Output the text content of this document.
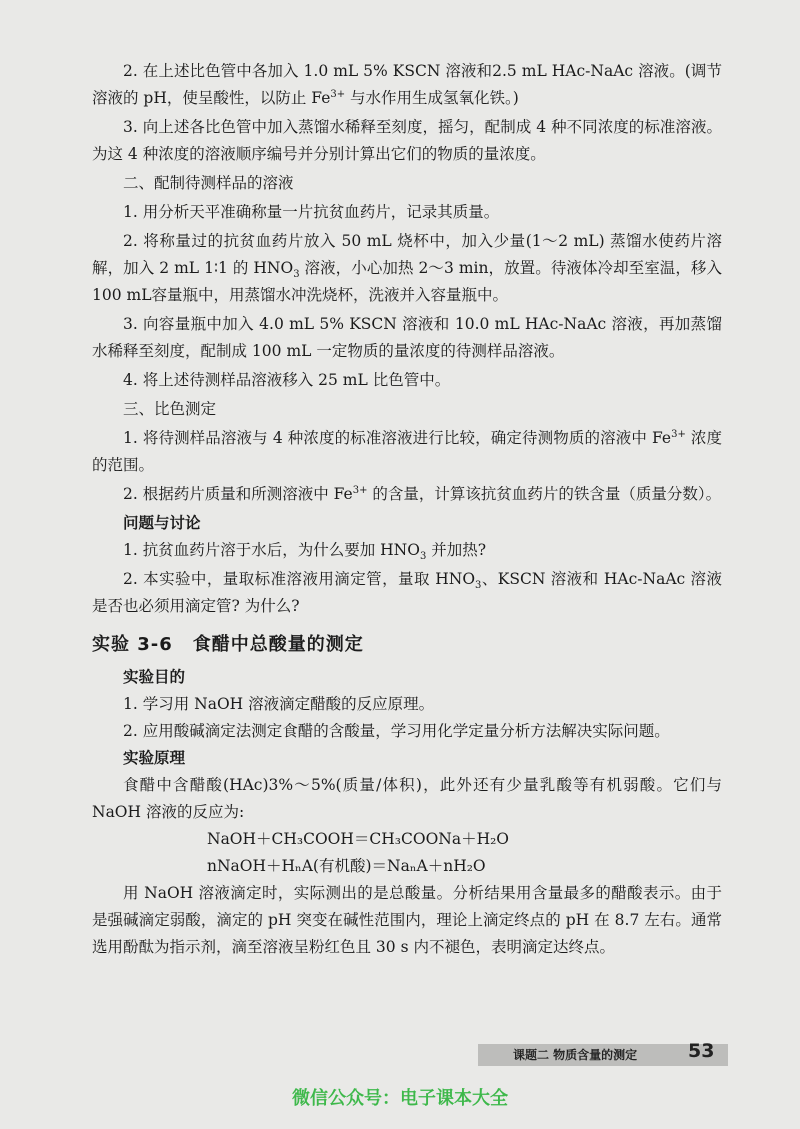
2. 在上述比色管中各加入 1.0 mL 5% KSCN 溶液和2.5 mL HAc-NaAc 溶液。(调节溶液的 pH，使呈酸性，以防止 $Fe^{3+}$ 与水作用生成氢氧化铁。)

3. 向上述各比色管中加入蒸馏水稀释至刻度，摇匀，配制成 4 种不同浓度的标准溶液。为这 4 种浓度的溶液顺序编号并分别计算出它们的物质的量浓度。

二、配制待测样品的溶液

1. 用分析天平准确称量一片抗贫血药片，记录其质量。

2. 将称量过的抗贫血药片放入 50 mL 烧杯中，加入少量(1～2 mL) 蒸馏水使药片溶解，加入 2 mL 1∶1 的 $HNO_3$ 溶液，小心加热 2～3 min，放置。待液体冷却至室温，移入100 mL容量瓶中，用蒸馏水冲洗烧杯，洗液并入容量瓶中。

3. 向容量瓶中加入 4.0 mL 5% KSCN 溶液和 10.0 mL HAc-NaAc 溶液，再加蒸馏水稀释至刻度，配制成 100 mL 一定物质的量浓度的待测样品溶液。

4. 将上述待测样品溶液移入 25 mL 比色管中。

三、比色测定

1. 将待测样品溶液与 4 种浓度的标准溶液进行比较，确定待测物质的溶液中 $Fe^{3+}$ 浓度的范围。

2. 根据药片质量和所测溶液中 $Fe^{3+}$ 的含量，计算该抗贫血药片的铁含量（质量分数）。

问题与讨论

1. 抗贫血药片溶于水后，为什么要加 $HNO_3$ 并加热?

2. 本实验中，量取标准溶液用滴定管，量取 $HNO_3$、KSCN 溶液和 HAc-NaAc 溶液是否也必须用滴定管? 为什么?

实验 3-6 食醋中总酸量的测定

实验目的

1. 学习用 NaOH 溶液滴定醋酸的反应原理。

2. 应用酸碱滴定法测定食醋的含酸量，学习用化学定量分析方法解决实际问题。

实验原理

食醋中含醋酸(HAc)3%～5%(质量/体积)，此外还有少量乳酸等有机弱酸。它们与NaOH 溶液的反应为:

NaOH＋CH₃COOH＝CH₃COONa＋H₂O

nNaOH＋HₙA(有机酸)＝NaₙA＋nH₂O

用 NaOH 溶液滴定时，实际测出的是总酸量。分析结果用含量最多的醋酸表示。由于是强碱滴定弱酸，滴定的 pH 突变在碱性范围内，理论上滴定终点的 pH 在 8.7 左右。通常选用酚酞为指示剂，滴至溶液呈粉红色且 30 s 内不褪色，表明滴定达终点。

课题二 物质含量的测定	53
微信公众号：电子课本大全
